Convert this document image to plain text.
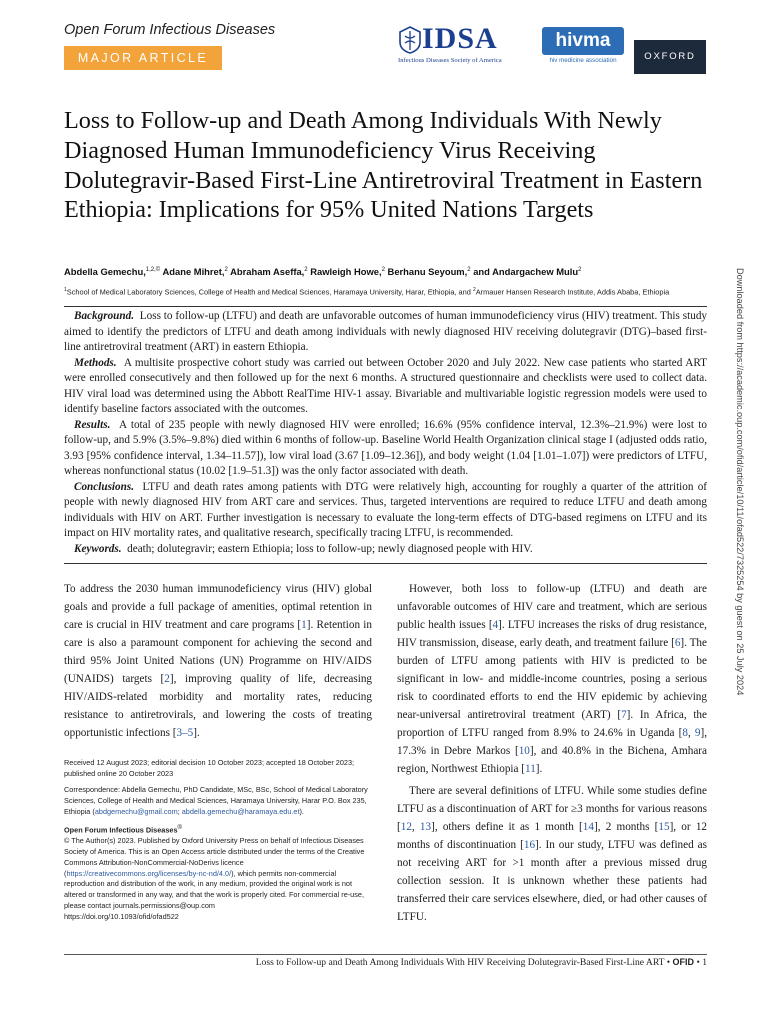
Open Forum Infectious Diseases
MAJOR ARTICLE
IDSA
Infectious Diseases Society of America
hivma
hiv medicine association	OXFORD
Loss to Follow-up and Death Among Individuals With Newly Diagnosed Human Immunodeficiency Virus Receiving Dolutegravir-Based First-Line Antiretroviral Treatment in Eastern Ethiopia: Implications for 95% United Nations Targets
Abdella Gemechu,$^{1,2,©}$ Adane Mihret,$^2$ Abraham Aseffa,$^2$ Rawleigh Howe,$^2$ Berhanu Seyoum,$^2$ and Andargachew Mulu$^2$
$^1$School of Medical Laboratory Sciences, College of Health and Medical Sciences, Haramaya University, Harar, Ethiopia, and $^2$Armauer Hansen Research Institute, Addis Ababa, Ethiopia

Background. Loss to follow-up (LTFU) and death are unfavorable outcomes of human immunodeficiency virus (HIV) treatment. This study aimed to identify the predictors of LTFU and death among individuals with newly diagnosed HIV receiving dolutegravir (DTG)–based first-line antiretroviral treatment (ART) in eastern Ethiopia.

Methods. A multisite prospective cohort study was carried out between October 2020 and July 2022. New case patients who started ART were enrolled consecutively and then followed up for the next 6 months. A structured questionnaire and checklists were used to collect data. HIV viral load was determined using the Abbott RealTime HIV-1 assay. Bivariable and multivariable logistic regression models were used to identify baseline factors associated with the outcomes.

Results. A total of 235 people with newly diagnosed HIV were enrolled; 16.6% (95% confidence interval, 12.3%–21.9%) were lost to follow-up, and 5.9% (3.5%–9.8%) died within 6 months of follow-up. Baseline World Health Organization clinical stage I (adjusted odds ratio, 3.93 [95% confidence interval, 1.34–11.57]), low viral load (3.67 [1.09–12.36]), and body weight (1.04 [1.01–1.07]) were predictors of LTFU, whereas nonfunctional status (10.02 [1.9–51.3]) was the only factor associated with death.

Conclusions. LTFU and death rates among patients with DTG were relatively high, accounting for roughly a quarter of the attrition of people with newly diagnosed HIV from ART care and services. Thus, targeted interventions are required to reduce LTFU and death among individuals with HIV on ART. Further investigation is necessary to evaluate the long-term effects of DTG-based regimens on LTFU and its impact on HIV mortality rates, and qualitative research, specifically tracing LTFU, is recommended.

Keywords. death; dolutegravir; eastern Ethiopia; loss to follow-up; newly diagnosed people with HIV.

To address the 2030 human immunodeficiency virus (HIV) global goals and provide a full package of amenities, optimal retention in care is crucial in HIV treatment and care programs [1]. Retention in care is also a paramount component for achieving the second and third 95% Joint United Nations (UN) Programme on HIV/AIDS (UNAIDS) targets [2], improving quality of life, decreasing HIV/AIDS-related morbidity and mortality rates, reducing resistance to antiretrovirals, and lowering the costs of treating opportunistic infections [3–5].

Received 12 August 2023; editorial decision 10 October 2023; accepted 18 October 2023; published online 20 October 2023

Correspondence: Abdella Gemechu, PhD Candidate, MSc, BSc, School of Medical Laboratory Sciences, College of Health and Medical Sciences, Haramaya University, Harar P.O. Box 235, Ethiopia (abdgemechu@gmail.com; abdella.gemechu@haramaya.edu.et).

Open Forum Infectious Diseases®

© The Author(s) 2023. Published by Oxford University Press on behalf of Infectious Diseases Society of America. This is an Open Access article distributed under the terms of the Creative Commons Attribution-NonCommercial-NoDerivs licence (https://creativecommons.org/licenses/by-nc-nd/4.0/), which permits non-commercial reproduction and distribution of the work, in any medium, provided the original work is not altered or transformed in any way, and that the work is properly cited. For commercial re-use, please contact journals.permissions@oup.com

https://doi.org/10.1093/ofid/ofad522

However, both loss to follow-up (LTFU) and death are unfavorable outcomes of HIV care and treatment, which are serious public health issues [4]. LTFU increases the risks of drug resistance, HIV transmission, disease, early death, and treatment failure [6]. The burden of LTFU among patients with HIV is predicted to be significant in low- and middle-income countries, posing a serious risk to coordinated efforts to end the HIV epidemic by achieving near-universal antiretroviral treatment (ART) [7]. In Africa, the proportion of LTFU ranged from 8.9% to 24.6% in Uganda [8, 9], 17.3% in Debre Markos [10], and 40.8% in the Bichena, Amhara region, Northwest Ethiopia [11].

There are several definitions of LTFU. While some studies define LTFU as a discontinuation of ART for ≥3 months for various reasons [12, 13], others define it as 1 month [14], 2 months [15], or 12 months of discontinuation [16]. In our study, LTFU was defined as not receiving ART for >1 month after a previous missed drug collection session. It is unknown whether these patients had transferred their care services elsewhere, died, or had other causes of LTFU.

Downloaded from https://academic.oup.com/ofid/article/10/11/ofad522/7325254 by guest on 25 July 2024
Loss to Follow-up and Death Among Individuals With HIV Receiving Dolutegravir-Based First-Line ART • OFID • 1
